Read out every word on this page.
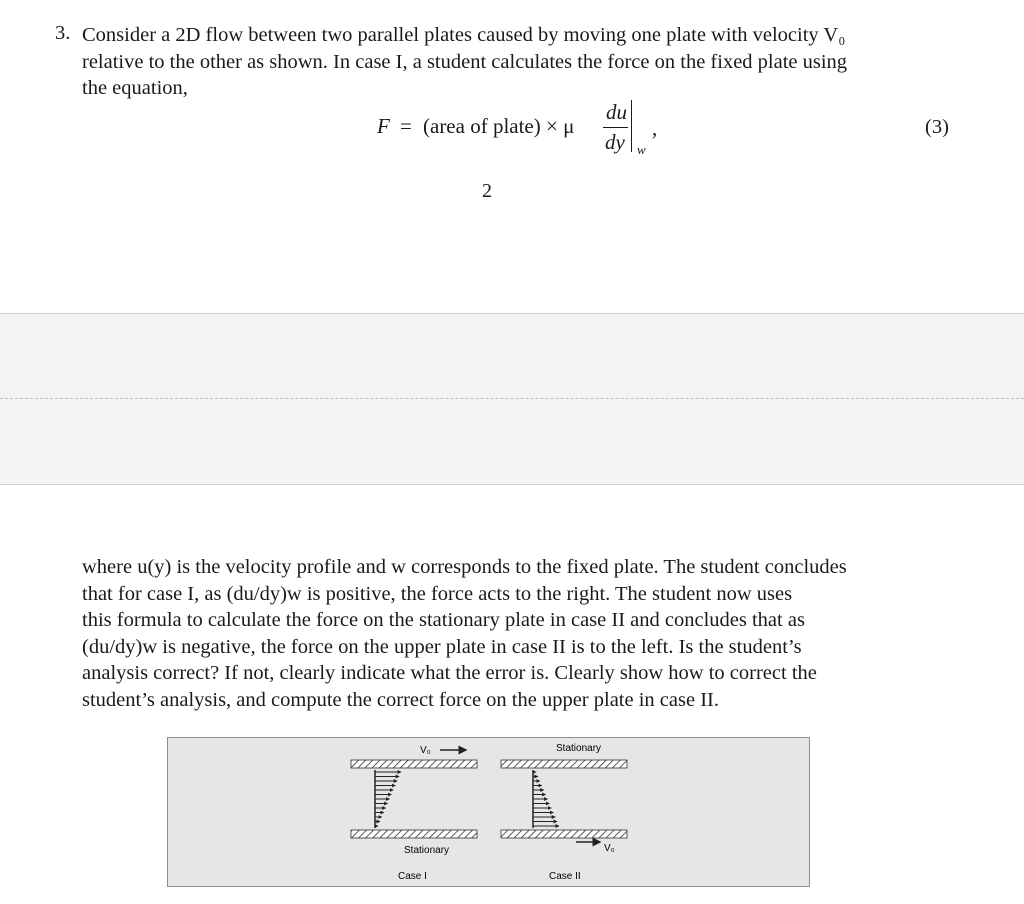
3. Consider a 2D flow between two parallel plates caused by moving one plate with velocity V₀
relative to the other as shown. In case I, a student calculates the force on the fixed plate using
the equation,
F = (area of plate) × μ
du
dy w
,	(3)
2
where u(y) is the velocity profile and w corresponds to the fixed plate. The student concludes
that for case I, as (du/dy)w is positive, the force acts to the right. The student now uses
this formula to calculate the force on the stationary plate in case II and concludes that as
(du/dy)w is negative, the force on the upper plate in case II is to the left. Is the student’s
analysis correct? If not, clearly indicate what the error is. Clearly show how to correct the
student’s analysis, and compute the correct force on the upper plate in case II.
V₀
Stationary
Case I
Stationary
V₀
Case II
